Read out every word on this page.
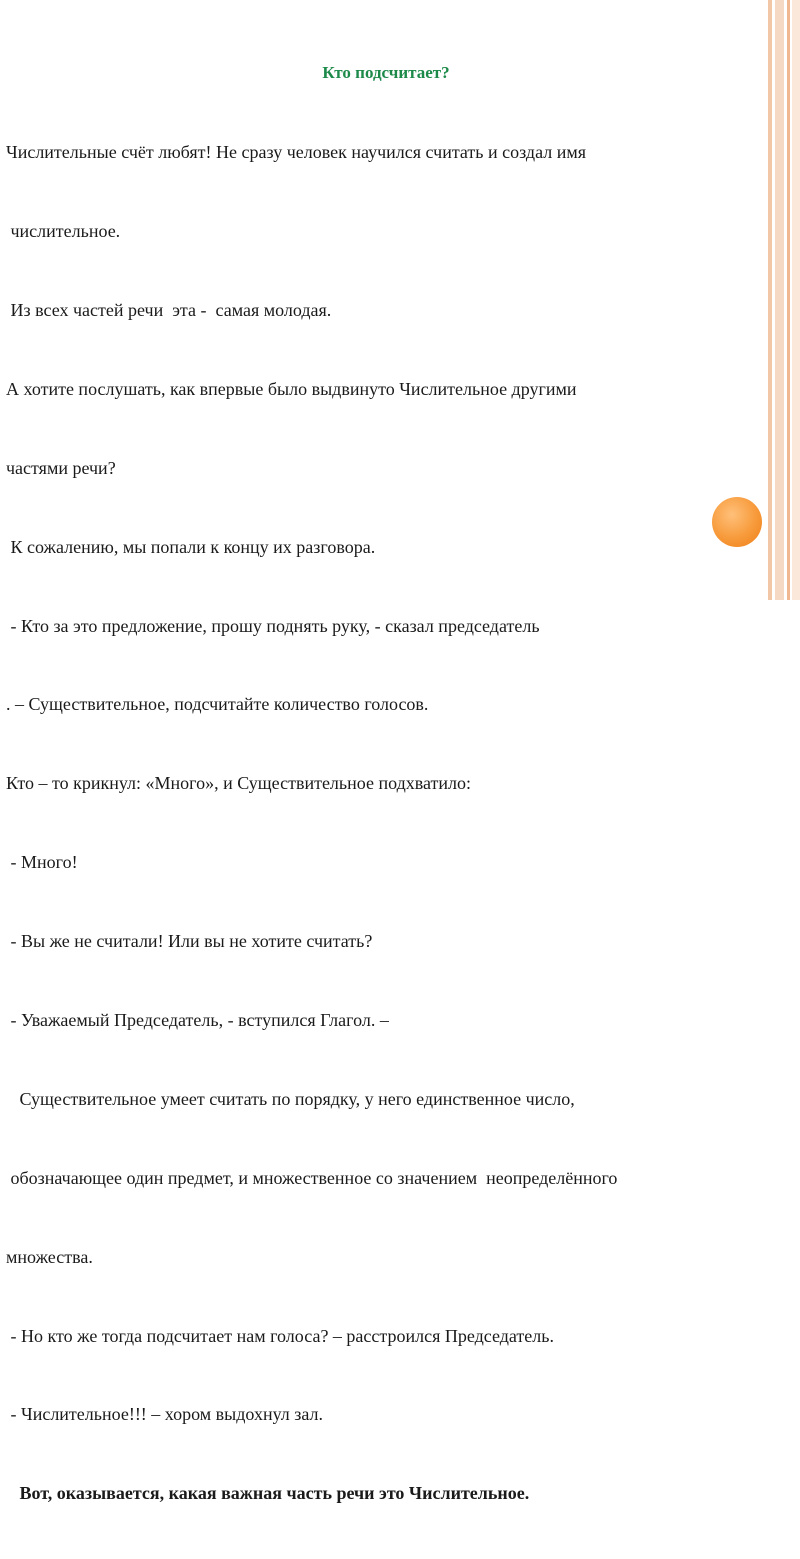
Кто подсчитает?

Числительные счёт любят! Не сразу человек научился считать и создал имя

числительное.

Из всех частей речи  эта -  самая молодая.

А хотите послушать, как впервые было выдвинуто Числительное другими

частями речи?

К сожалению, мы попали к концу их разговора.

- Кто за это предложение, прошу поднять руку, - сказал председатель

. – Существительное, подсчитайте количество голосов.

Кто – то крикнул: «Много», и Существительное подхватило:

- Много!

- Вы же не считали! Или вы не хотите считать?

- Уважаемый Председатель, - вступился Глагол. –

Существительное умеет считать по порядку, у него единственное число,

обозначающее один предмет, и множественное со значением  неопределённого

множества.

- Но кто же тогда подсчитает нам голоса? – расстроился Председатель.

- Числительное!!! – хором выдохнул зал.

Вот, оказывается, какая важная часть речи это Числительное.
